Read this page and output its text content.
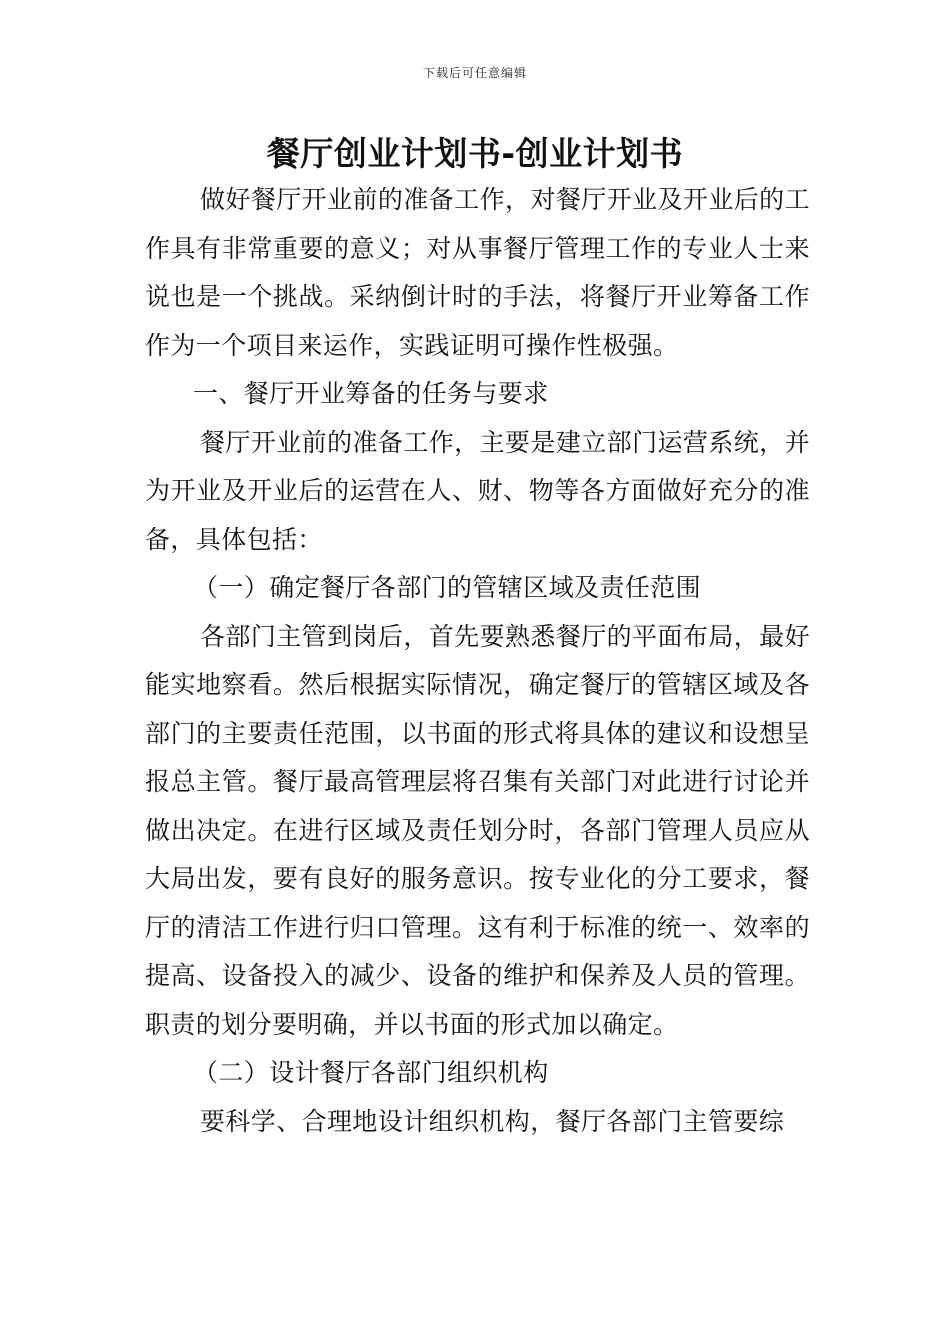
下载后可任意编辑
餐厅创业计划书-创业计划书

做好餐厅开业前的准备工作，对餐厅开业及开业后的工作具有非常重要的意义；对从事餐厅管理工作的专业人士来说也是一个挑战。采纳倒计时的手法，将餐厅开业筹备工作作为一个项目来运作，实践证明可操作性极强。

一、餐厅开业筹备的任务与要求

餐厅开业前的准备工作，主要是建立部门运营系统，并为开业及开业后的运营在人、财、物等各方面做好充分的准备，具体包括：

（一）确定餐厅各部门的管辖区域及责任范围

各部门主管到岗后，首先要熟悉餐厅的平面布局，最好能实地察看。然后根据实际情况，确定餐厅的管辖区域及各部门的主要责任范围，以书面的形式将具体的建议和设想呈报总主管。餐厅最高管理层将召集有关部门对此进行讨论并做出决定。在进行区域及责任划分时，各部门管理人员应从大局出发，要有良好的服务意识。按专业化的分工要求，餐厅的清洁工作进行归口管理。这有利于标准的统一、效率的提高、设备投入的减少、设备的维护和保养及人员的管理。职责的划分要明确，并以书面的形式加以确定。

（二）设计餐厅各部门组织机构

要科学、合理地设计组织机构，餐厅各部门主管要综
